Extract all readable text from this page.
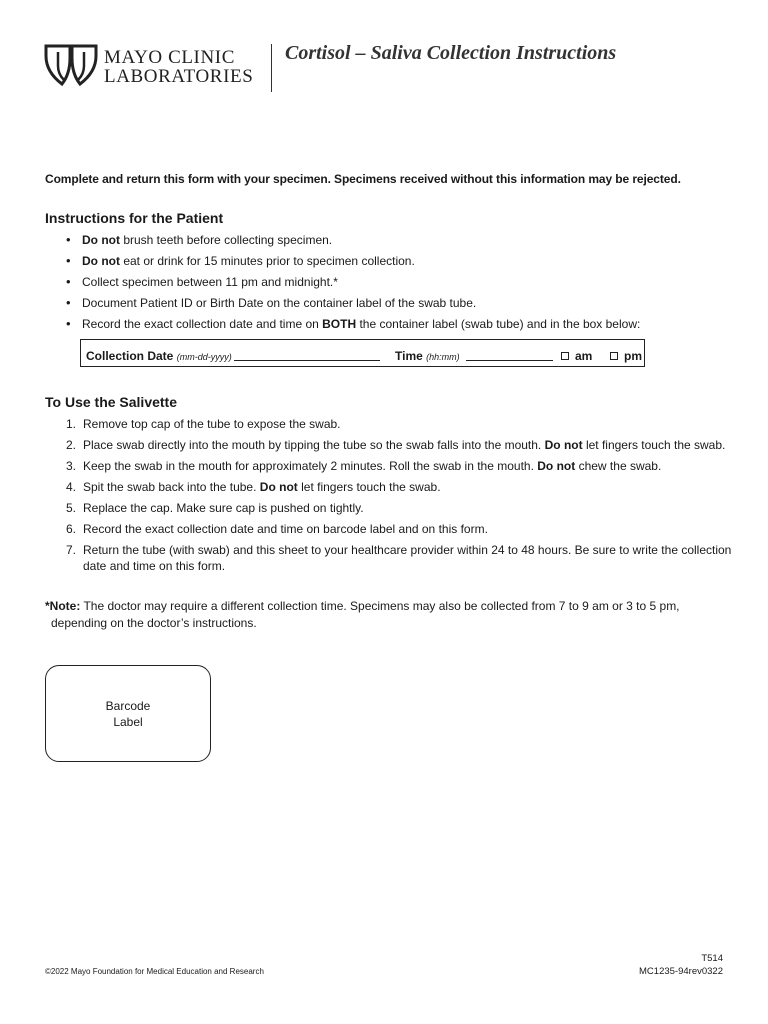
MAYO CLINIC
LABORATORIES
Cortisol – Saliva Collection Instructions
Complete and return this form with your specimen. Specimens received without this information may be rejected.
Instructions for the Patient
• Do not brush teeth before collecting specimen.
• Do not eat or drink for 15 minutes prior to specimen collection.
• Collect specimen between 11 pm and midnight.*
• Document Patient ID or Birth Date on the container label of the swab tube.
• Record the exact collection date and time on BOTH the container label (swab tube) and in the box below:
Collection Date (mm-dd-yyyy)	Time (hh:mm)	am	pm
To Use the Salivette
1. Remove top cap of the tube to expose the swab.
2. Place swab directly into the mouth by tipping the tube so the swab falls into the mouth. Do not let fingers touch the swab.
3. Keep the swab in the mouth for approximately 2 minutes. Roll the swab in the mouth. Do not chew the swab.
4. Spit the swab back into the tube. Do not let fingers touch the swab.
5. Replace the cap. Make sure cap is pushed on tightly.
6. Record the exact collection date and time on barcode label and on this form.
7. Return the tube (with swab) and this sheet to your healthcare provider within 24 to 48 hours. Be sure to write the collection date and time on this form.
*Note: The doctor may require a different collection time. Specimens may also be collected from 7 to 9 am or 3 to 5 pm,
depending on the doctor’s instructions.
Barcode
Label
©2022 Mayo Foundation for Medical Education and Research
T514
MC1235-94rev0322
